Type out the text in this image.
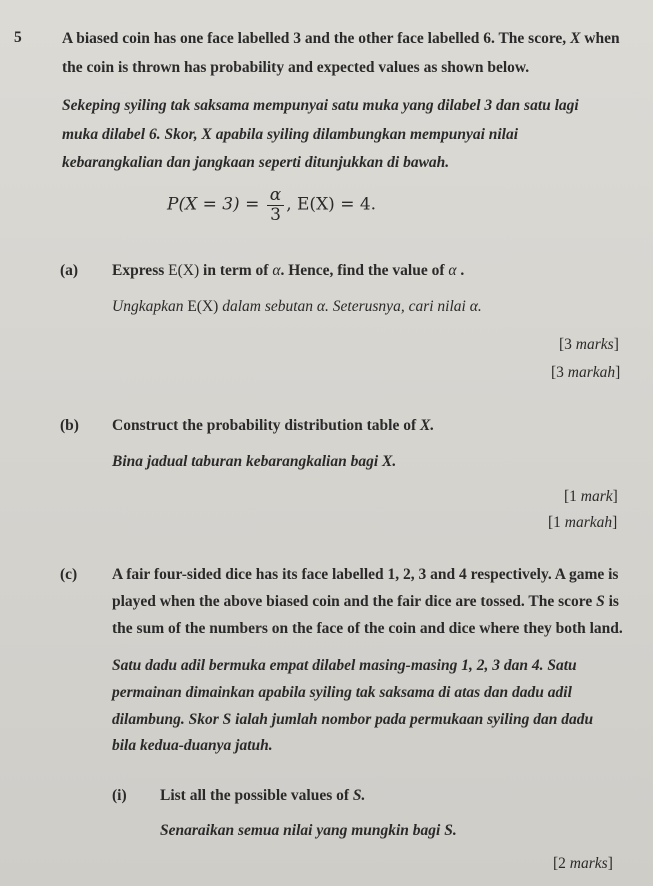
5	A biased coin has one face labelled 3 and the other face labelled 6. The score, X when
the coin is thrown has probability and expected values as shown below.
Sekeping syiling tak saksama mempunyai satu muka yang dilabel 3 dan satu lagi
muka dilabel 6. Skor, X apabila syiling dilambungkan mempunyai nilai
kebarangkalian dan jangkaan seperti ditunjukkan di bawah.
$P(X = 3) = \frac{\alpha}{3}$ , E(X) = 4.
(a) Express E(X) in term of α. Hence, find the value of α .
Ungkapkan E(X) dalam sebutan α. Seterusnya, cari nilai α.
[3 marks]
[3 markah]
(b) Construct the probability distribution table of X.
Bina jadual taburan kebarangkalian bagi X.
[1 mark]
[1 markah]
(c) A fair four-sided dice has its face labelled 1, 2, 3 and 4 respectively. A game is
played when the above biased coin and the fair dice are tossed. The score S is
the sum of the numbers on the face of the coin and dice where they both land.
Satu dadu adil bermuka empat dilabel masing-masing 1, 2, 3 dan 4. Satu
permainan dimainkan apabila syiling tak saksama di atas dan dadu adil
dilambung. Skor S ialah jumlah nombor pada permukaan syiling dan dadu
bila kedua-duanya jatuh.
(i) List all the possible values of S.
Senaraikan semua nilai yang mungkin bagi S.
[2 marks]
